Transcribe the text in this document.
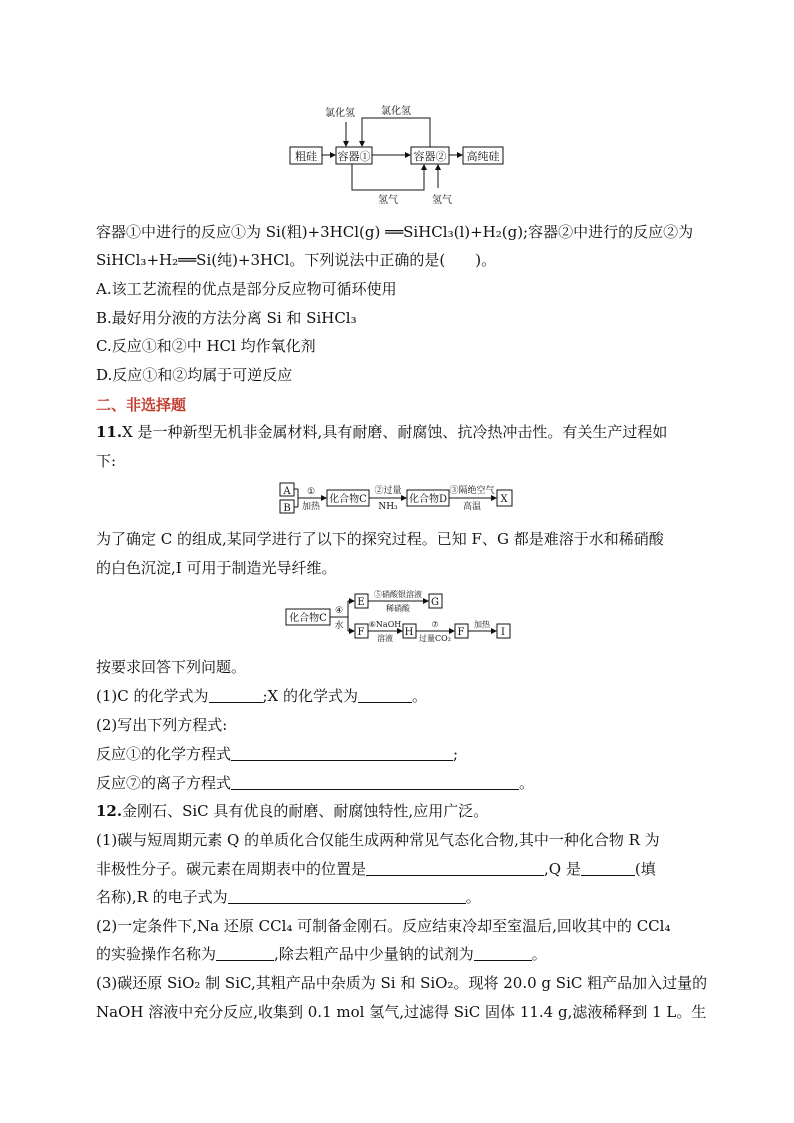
粗硅 容器①	容器② 高纯硅
氯化氢	氯化氢
氢气	氢气
容器①中进行的反应①为 Si(粗)+3HCl(g) ══SiHCl₃(l)+H₂(g);容器②中进行的反应②为
SiHCl₃+H₂══Si(纯)+3HCl。下列说法中正确的是(　　)。
A.该工艺流程的优点是部分反应物可循环使用
B.最好用分液的方法分离 Si 和 SiHCl₃
C.反应①和②中 HCl 均作氧化剂
D.反应①和②均属于可逆反应
二、非选择题
11.X 是一种新型无机非金属材料,具有耐磨、耐腐蚀、抗冷热冲击性。有关生产过程如
下:
A
B
①
加热
化合物C
②过量
NH₃
化合物D
③隔绝空气
高温
X
为了确定 C 的组成,某同学进行了以下的探究过程。已知 F、G 都是难溶于水和稀硝酸
的白色沉淀,I 可用于制造光导纤维。
化合物C
④
水
E
⑤硝酸银溶液
稀硝酸
G
F
⑥NaOH
溶液
H
⑦
过量CO₂
F
加热
I
按要求回答下列问题。
(1)C 的化学式为	;X 的化学式为	。
(2)写出下列方程式:
反应①的化学方程式	;
反应⑦的离子方程式	。
12.金刚石、SiC 具有优良的耐磨、耐腐蚀特性,应用广泛。
(1)碳与短周期元素 Q 的单质化合仅能生成两种常见气态化合物,其中一种化合物 R 为
非极性分子。碳元素在周期表中的位置是	,Q 是	(填
名称),R 的电子式为	。
(2)一定条件下,Na 还原 CCl₄ 可制备金刚石。反应结束冷却至室温后,回收其中的 CCl₄
的实验操作名称为	,除去粗产品中少量钠的试剂为	。
(3)碳还原 SiO₂ 制 SiC,其粗产品中杂质为 Si 和 SiO₂。现将 20.0 g SiC 粗产品加入过量的
NaOH 溶液中充分反应,收集到 0.1 mol 氢气,过滤得 SiC 固体 11.4 g,滤液稀释到 1 L。生
